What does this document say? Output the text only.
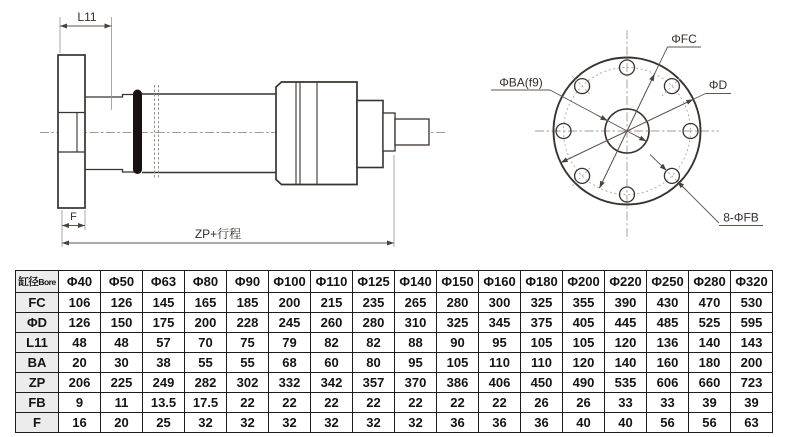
L11
F
ZP+行程
ΦFC
ΦD
ΦBA(f9)
8-ΦFB
缸径Bore	Φ40	Φ50	Φ63	Φ80	Φ90	Φ100	Φ110	Φ125	Φ140	Φ150	Φ160	Φ180	Φ200	Φ220	Φ250	Φ280	Φ320
FC	106	126	145	165	185	200	215	235	265	280	300	325	355	390	430	470	530
ΦD	126	150	175	200	228	245	260	280	310	325	345	375	405	445	485	525	595
L11	48	48	57	70	75	79	82	82	88	90	95	105	105	120	136	140	143
BA	20	30	38	55	55	68	60	80	95	105	110	110	120	140	160	180	200
ZP	206	225	249	282	302	332	342	357	370	386	406	450	490	535	606	660	723
FB	9	11	13.5	17.5	22	22	22	22	22	22	22	26	26	33	33	39	39
F	16	20	25	32	32	32	32	32	32	36	36	36	40	40	56	56	63
